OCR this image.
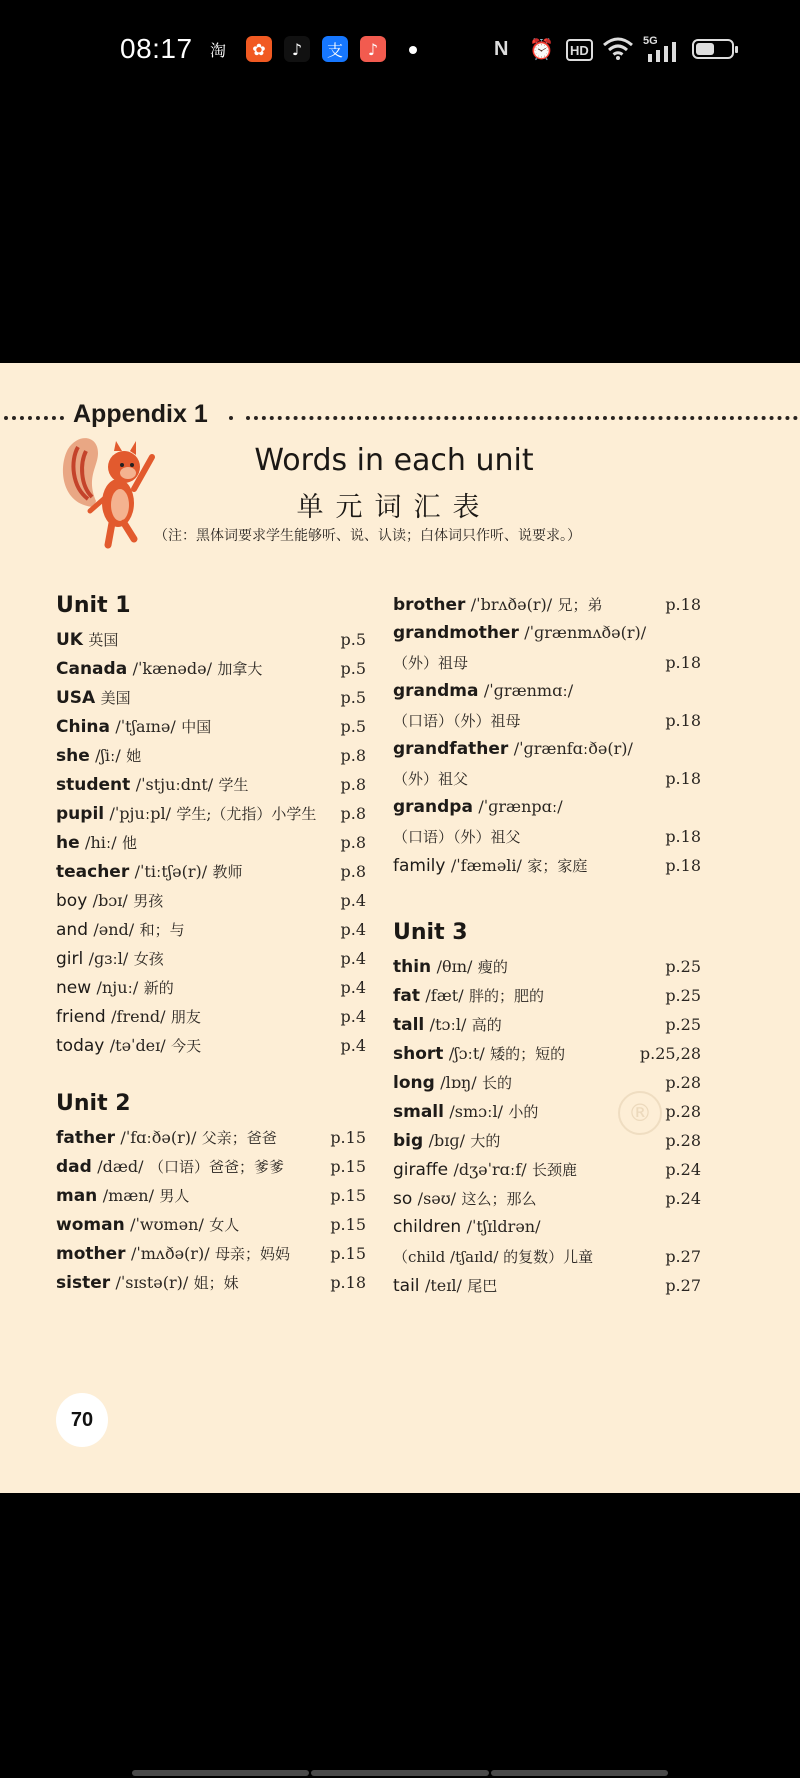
08:17	淘	✿	♪	支	♪	N ⏰	HD
5G
Appendix 1
Words in each unit
单元词汇表
（注：黑体词要求学生能够听、说、认读；白体词只作听、说要求。）
®
Unit 1
UK 英国	p.5
Canada /ˈkænədə/ 加拿大	p.5
USA 美国	p.5
China /ˈtʃaɪnə/ 中国	p.5
she /ʃiː/ 她	p.8
student /ˈstjuːdnt/ 学生	p.8
pupil /ˈpjuːpl/ 学生;（尤指）小学生 p.8
he /hiː/ 他	p.8
teacher /ˈtiːtʃə(r)/ 教师	p.8
boy /bɔɪ/ 男孩	p.4
and /ənd/ 和；与	p.4
girl /ɡɜːl/ 女孩	p.4
new /njuː/ 新的	p.4
friend /frend/ 朋友	p.4
today /təˈdeɪ/ 今天	p.4
Unit 2
father /ˈfɑːðə(r)/ 父亲；爸爸	p.15
dad /dæd/ （口语）爸爸；爹爹	p.15
man /mæn/ 男人	p.15
woman /ˈwʊmən/ 女人	p.15
mother /ˈmʌðə(r)/ 母亲；妈妈	p.15
sister /ˈsɪstə(r)/ 姐；妹	p.18
brother /ˈbrʌðə(r)/ 兄；弟	p.18
grandmother /ˈɡrænmʌðə(r)/
（外）祖母	p.18
grandma /ˈɡrænmɑː/
（口语）（外）祖母	p.18
grandfather /ˈɡrænfɑːðə(r)/
（外）祖父	p.18
grandpa /ˈɡrænpɑː/
（口语）（外）祖父	p.18
family /ˈfæməli/ 家；家庭	p.18
Unit 3
thin /θɪn/ 瘦的	p.25
fat /fæt/ 胖的；肥的	p.25
tall /tɔːl/ 高的	p.25
short /ʃɔːt/ 矮的；短的	p.25,28
long /lɒŋ/ 长的	p.28
small /smɔːl/ 小的	p.28
big /bɪɡ/ 大的	p.28
giraffe /dʒəˈrɑːf/ 长颈鹿	p.24
so /səʊ/ 这么；那么	p.24
children /ˈtʃɪldrən/
（child /tʃaɪld/ 的复数）儿童	p.27
tail /teɪl/ 尾巴	p.27
70
